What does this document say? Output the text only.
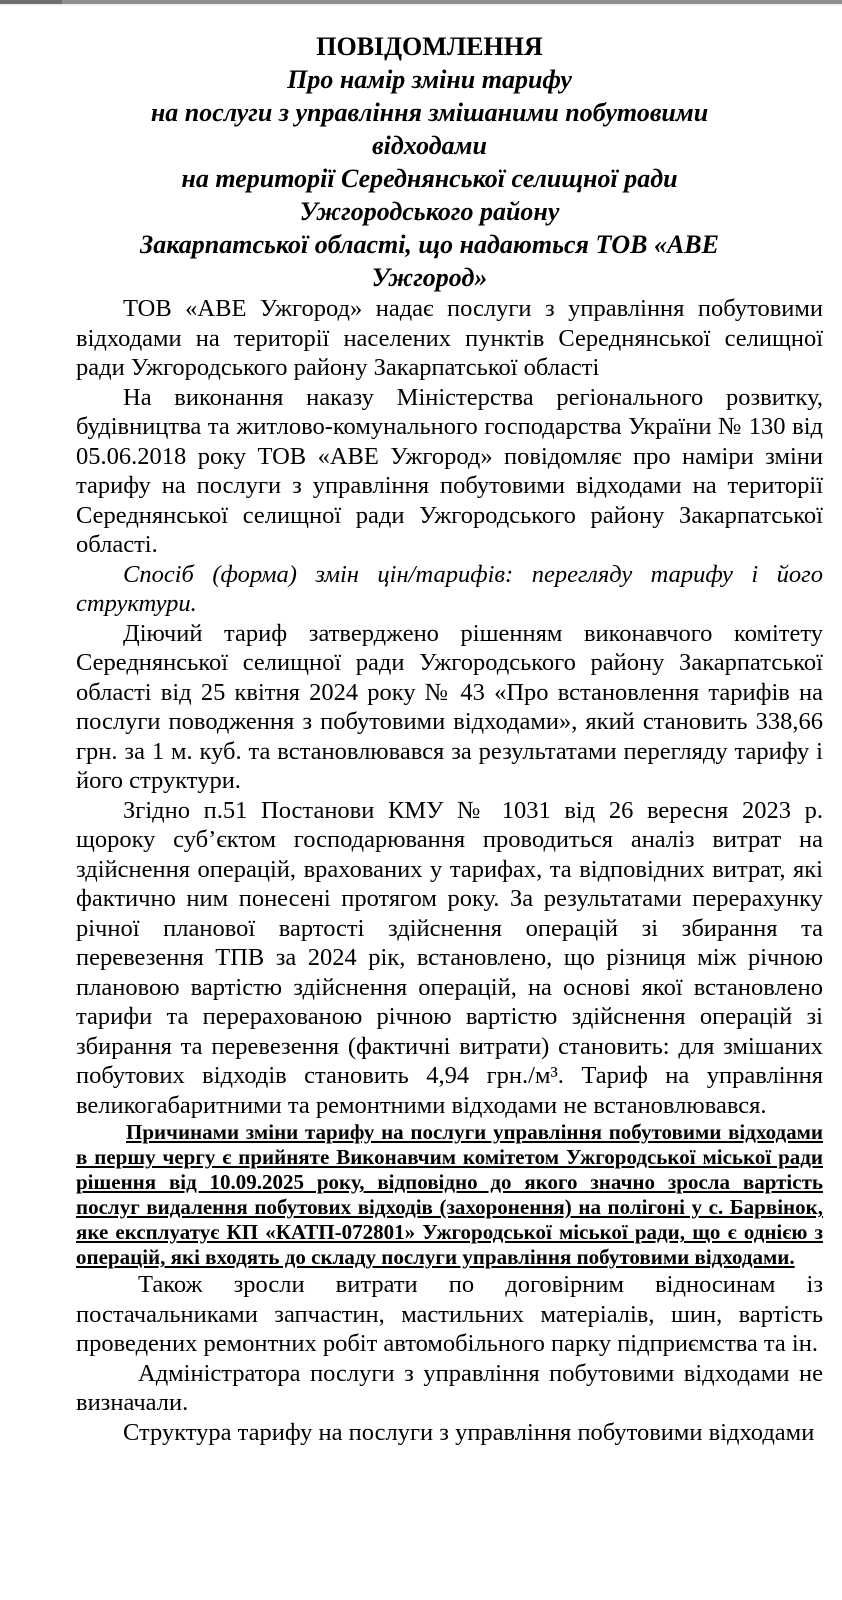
ПОВІДОМЛЕННЯ
Про намір зміни тарифу
на послуги з управління змішаними побутовими
відходами
на території Середнянської селищної ради
Ужгородського району
Закарпатської області, що надаються ТОВ «АВЕ
Ужгород»

ТОВ «АВЕ Ужгород» надає послуги з управління побутовими відходами на території населених пунктів Середнянської селищної ради Ужгородського району Закарпатської області

На виконання наказу Міністерства регіонального розвитку, будівництва та житлово-комунального господарства України № 130 від 05.06.2018 року ТОВ «АВЕ Ужгород» повідомляє про наміри зміни тарифу на послуги з управління побутовими відходами на території Середнянської селищної ради Ужгородського району Закарпатської області.

Спосіб (форма) змін цін/тарифів: перегляду тарифу і його структури.

Діючий тариф затверджено рішенням виконавчого комітету Середнянської селищної ради Ужгородського району Закарпатської області від 25 квітня 2024 року № 43 «Про встановлення тарифів на послуги поводження з побутовими відходами», який становить 338,66 грн. за 1 м. куб. та встановлювався за результатами перегляду тарифу і його структури.

Згідно п.51 Постанови КМУ № 1031 від 26 вересня 2023 р. щороку суб’єктом господарювання проводиться аналіз витрат на здійснення операцій, врахованих у тарифах, та відповідних витрат, які фактично ним понесені протягом року. За результатами перерахунку річної планової вартості здійснення операцій зі збирання та перевезення ТПВ за 2024 рік, встановлено, що різниця між річною плановою вартістю здійснення операцій, на основі якої встановлено тарифи та перерахованою річною вартістю здійснення операцій зі збирання та перевезення (фактичні витрати) становить: для змішаних побутових відходів становить 4,94 грн./м³. Тариф на управління великогабаритними та ремонтними відходами не встановлювався.

Причинами зміни тарифу на послуги управління побутовими відходами в першу чергу є прийняте Виконавчим комітетом Ужгородської міської ради рішення від 10.09.2025 року, відповідно до якого значно зросла вартість послуг видалення побутових відходів (захоронення) на полігоні у с. Барвінок, яке експлуатує КП «КАТП-072801» Ужгородської міської ради, що є однією з операцій, які входять до складу послуги управління побутовими відходами.

Також зросли витрати по договірним відносинам із постачальниками запчастин, мастильних матеріалів, шин, вартість проведених ремонтних робіт автомобільного парку підприємства та ін.

Адміністратора послуги з управління побутовими відходами не визначали.

Структура тарифу на послуги з управління побутовими відходами
